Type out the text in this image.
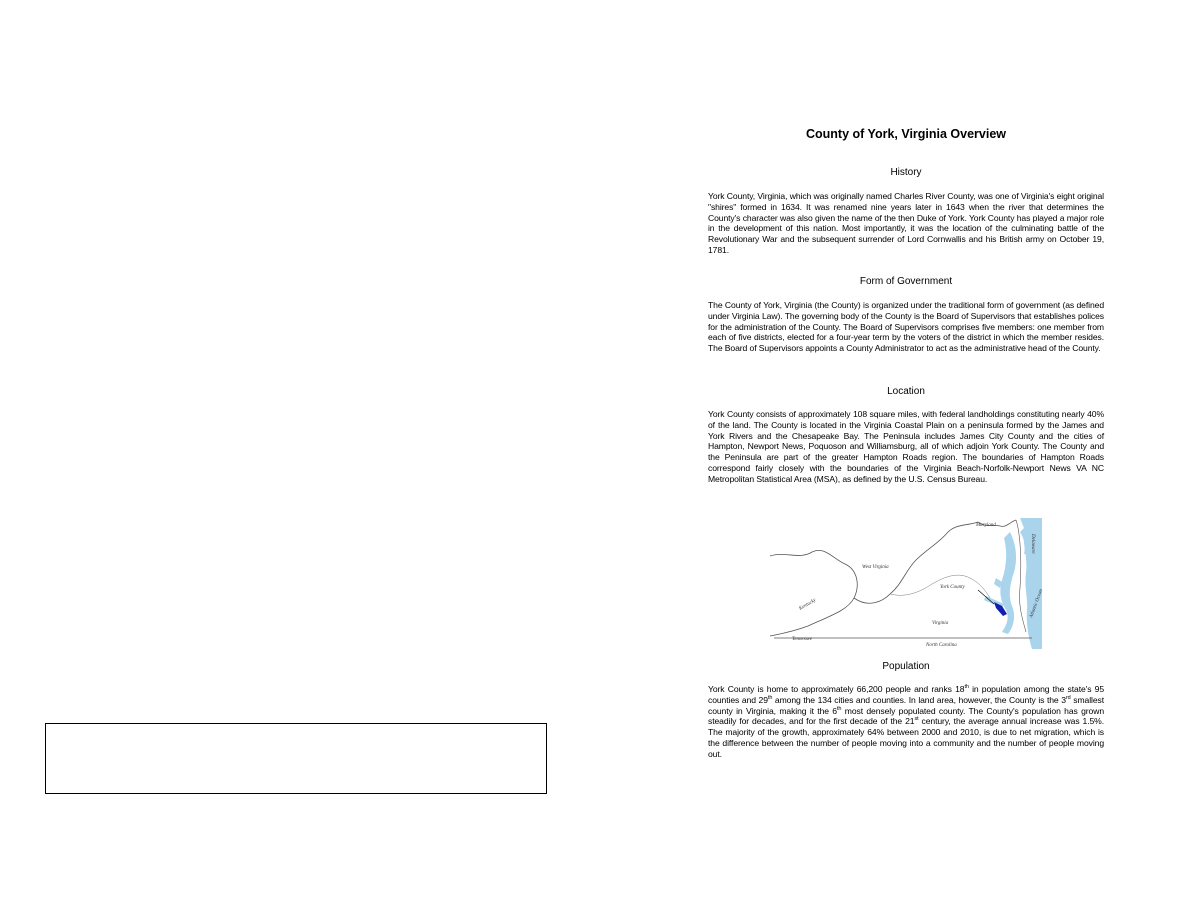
County of York, Virginia Overview
History
York County, Virginia, which was originally named Charles River County, was one of Virginia's eight original "shires" formed in 1634. It was renamed nine years later in 1643 when the river that determines the County's character was also given the name of the then Duke of York. York County has played a major role in the development of this nation. Most importantly, it was the location of the culminating battle of the Revolutionary War and the subsequent surrender of Lord Cornwallis and his British army on October 19, 1781.
Form of Government
The County of York, Virginia (the County) is organized under the traditional form of government (as defined under Virginia Law). The governing body of the County is the Board of Supervisors that establishes polices for the administration of the County. The Board of Supervisors comprises five members: one member from each of five districts, elected for a four-year term by the voters of the district in which the member resides. The Board of Supervisors appoints a County Administrator to act as the administrative head of the County.
Location
York County consists of approximately 108 square miles, with federal landholdings constituting nearly 40% of the land. The County is located in the Virginia Coastal Plain on a peninsula formed by the James and York Rivers and the Chesapeake Bay. The Peninsula includes James City County and the cities of Hampton, Newport News, Poquoson and Williamsburg, all of which adjoin York County. The County and the Peninsula are part of the greater Hampton Roads region. The boundaries of Hampton Roads correspond fairly closely with the boundaries of the Virginia Beach-Norfolk-Newport News VA NC Metropolitan Statistical Area (MSA), as defined by the U.S. Census Bureau.
Maryland
Delaware
West Virginia
York County
Kentucky
Virginia
Tennessee
North Carolina
Atlantic Ocean
Population
York County is home to approximately 66,200 people and ranks 18th in population among the state's 95 counties and 29th among the 134 cities and counties. In land area, however, the County is the 3rd smallest county in Virginia, making it the 6th most densely populated county. The County's population has grown steadily for decades, and for the first decade of the 21st century, the average annual increase was 1.5%. The majority of the growth, approximately 64% between 2000 and 2010, is due to net migration, which is the difference between the number of people moving into a community and the number of people moving out.
